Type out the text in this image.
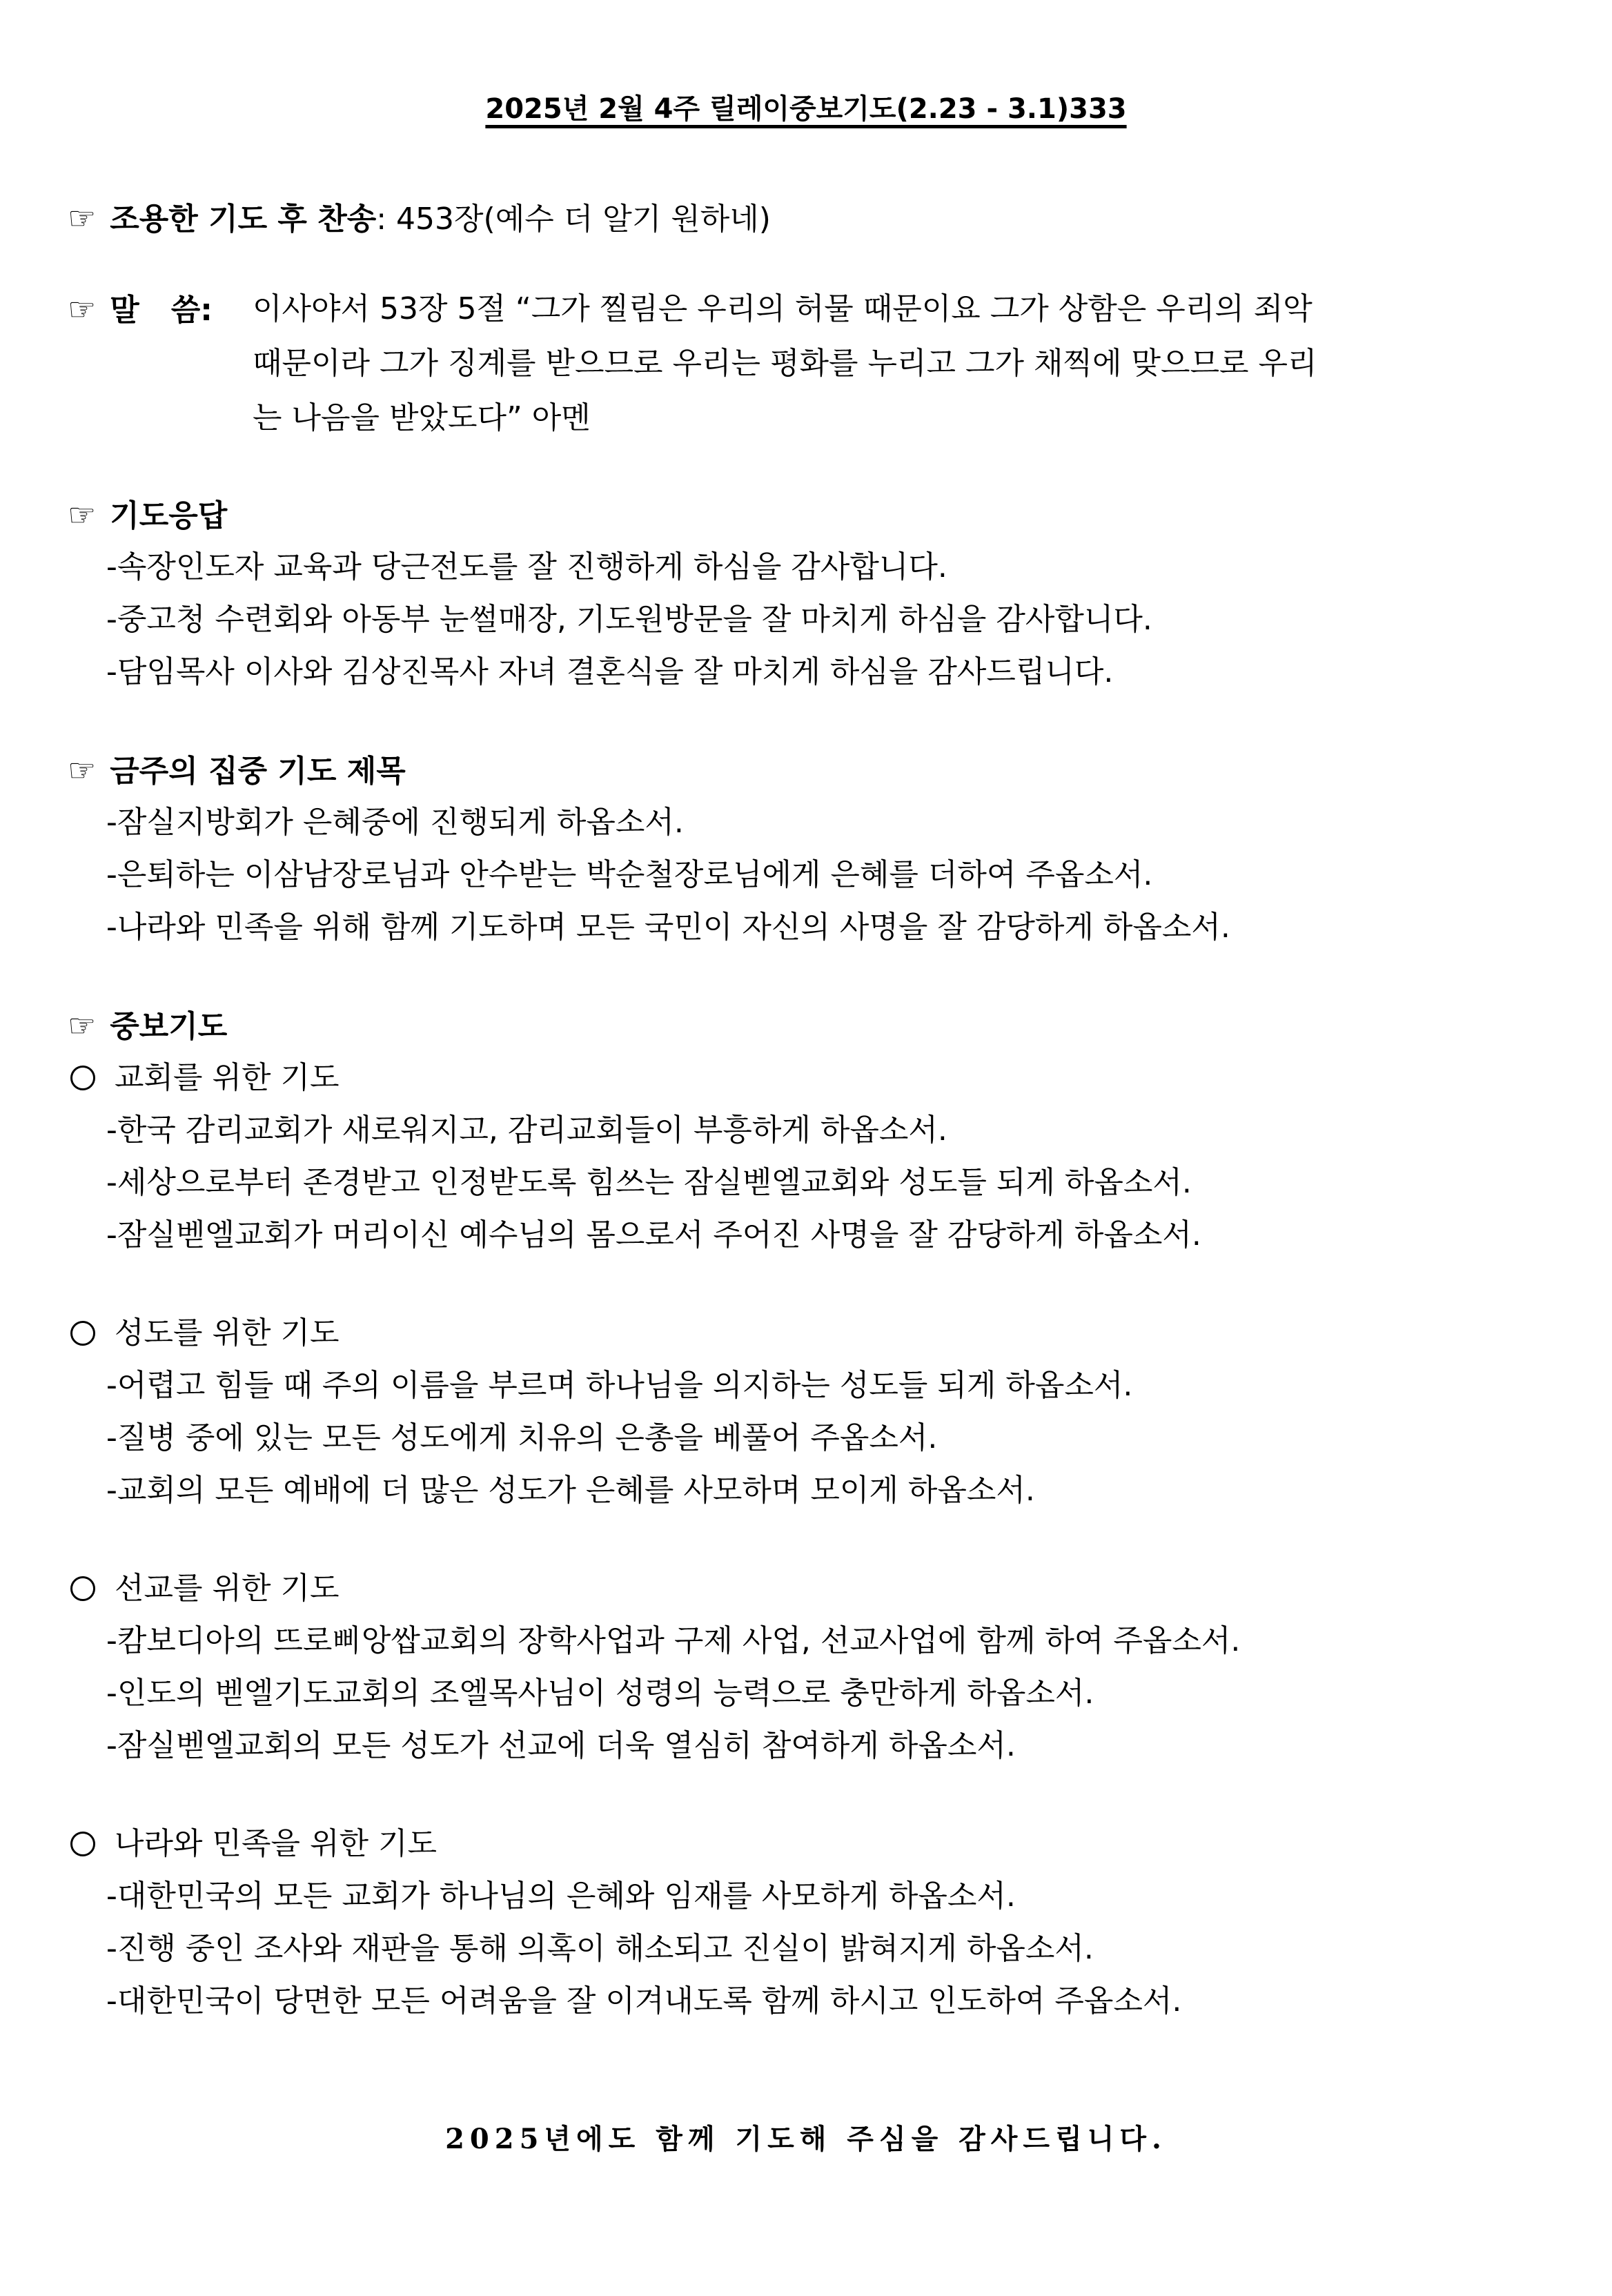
2025년 2월 4주 릴레이중보기도(2.23 - 3.1)333
☞ 조용한 기도 후 찬송: 453장(예수 더 알기 원하네)
☞ 말   씀: 이사야서 53장 5절 “그가 찔림은 우리의 허물 때문이요 그가 상함은 우리의 죄악
때문이라 그가 징계를 받으므로 우리는 평화를 누리고 그가 채찍에 맞으므로 우리
는 나음을 받았도다” 아멘
☞ 기도응답
-속장인도자 교육과 당근전도를 잘 진행하게 하심을 감사합니다.
-중고청 수련회와 아동부 눈썰매장, 기도원방문을 잘 마치게 하심을 감사합니다.
-담임목사 이사와 김상진목사 자녀 결혼식을 잘 마치게 하심을 감사드립니다.
☞ 금주의 집중 기도 제목
-잠실지방회가 은혜중에 진행되게 하옵소서.
-은퇴하는 이삼남장로님과 안수받는 박순철장로님에게 은혜를 더하여 주옵소서.
-나라와 민족을 위해 함께 기도하며 모든 국민이 자신의 사명을 잘 감당하게 하옵소서.
☞ 중보기도
교회를 위한 기도
-한국 감리교회가 새로워지고, 감리교회들이 부흥하게 하옵소서.
-세상으로부터 존경받고 인정받도록 힘쓰는 잠실벧엘교회와 성도들 되게 하옵소서.
-잠실벧엘교회가 머리이신 예수님의 몸으로서 주어진 사명을 잘 감당하게 하옵소서.
성도를 위한 기도
-어렵고 힘들 때 주의 이름을 부르며 하나님을 의지하는 성도들 되게 하옵소서.
-질병 중에 있는 모든 성도에게 치유의 은총을 베풀어 주옵소서.
-교회의 모든 예배에 더 많은 성도가 은혜를 사모하며 모이게 하옵소서.
선교를 위한 기도
-캄보디아의 뜨로삐앙쌉교회의 장학사업과 구제 사업, 선교사업에 함께 하여 주옵소서.
-인도의 벧엘기도교회의 조엘목사님이 성령의 능력으로 충만하게 하옵소서.
-잠실벧엘교회의 모든 성도가 선교에 더욱 열심히 참여하게 하옵소서.
나라와 민족을 위한 기도
-대한민국의 모든 교회가 하나님의 은혜와 임재를 사모하게 하옵소서.
-진행 중인 조사와 재판을 통해 의혹이 해소되고 진실이 밝혀지게 하옵소서.
-대한민국이 당면한 모든 어려움을 잘 이겨내도록 함께 하시고 인도하여 주옵소서.
2025년에도 함께 기도해 주심을 감사드립니다.
